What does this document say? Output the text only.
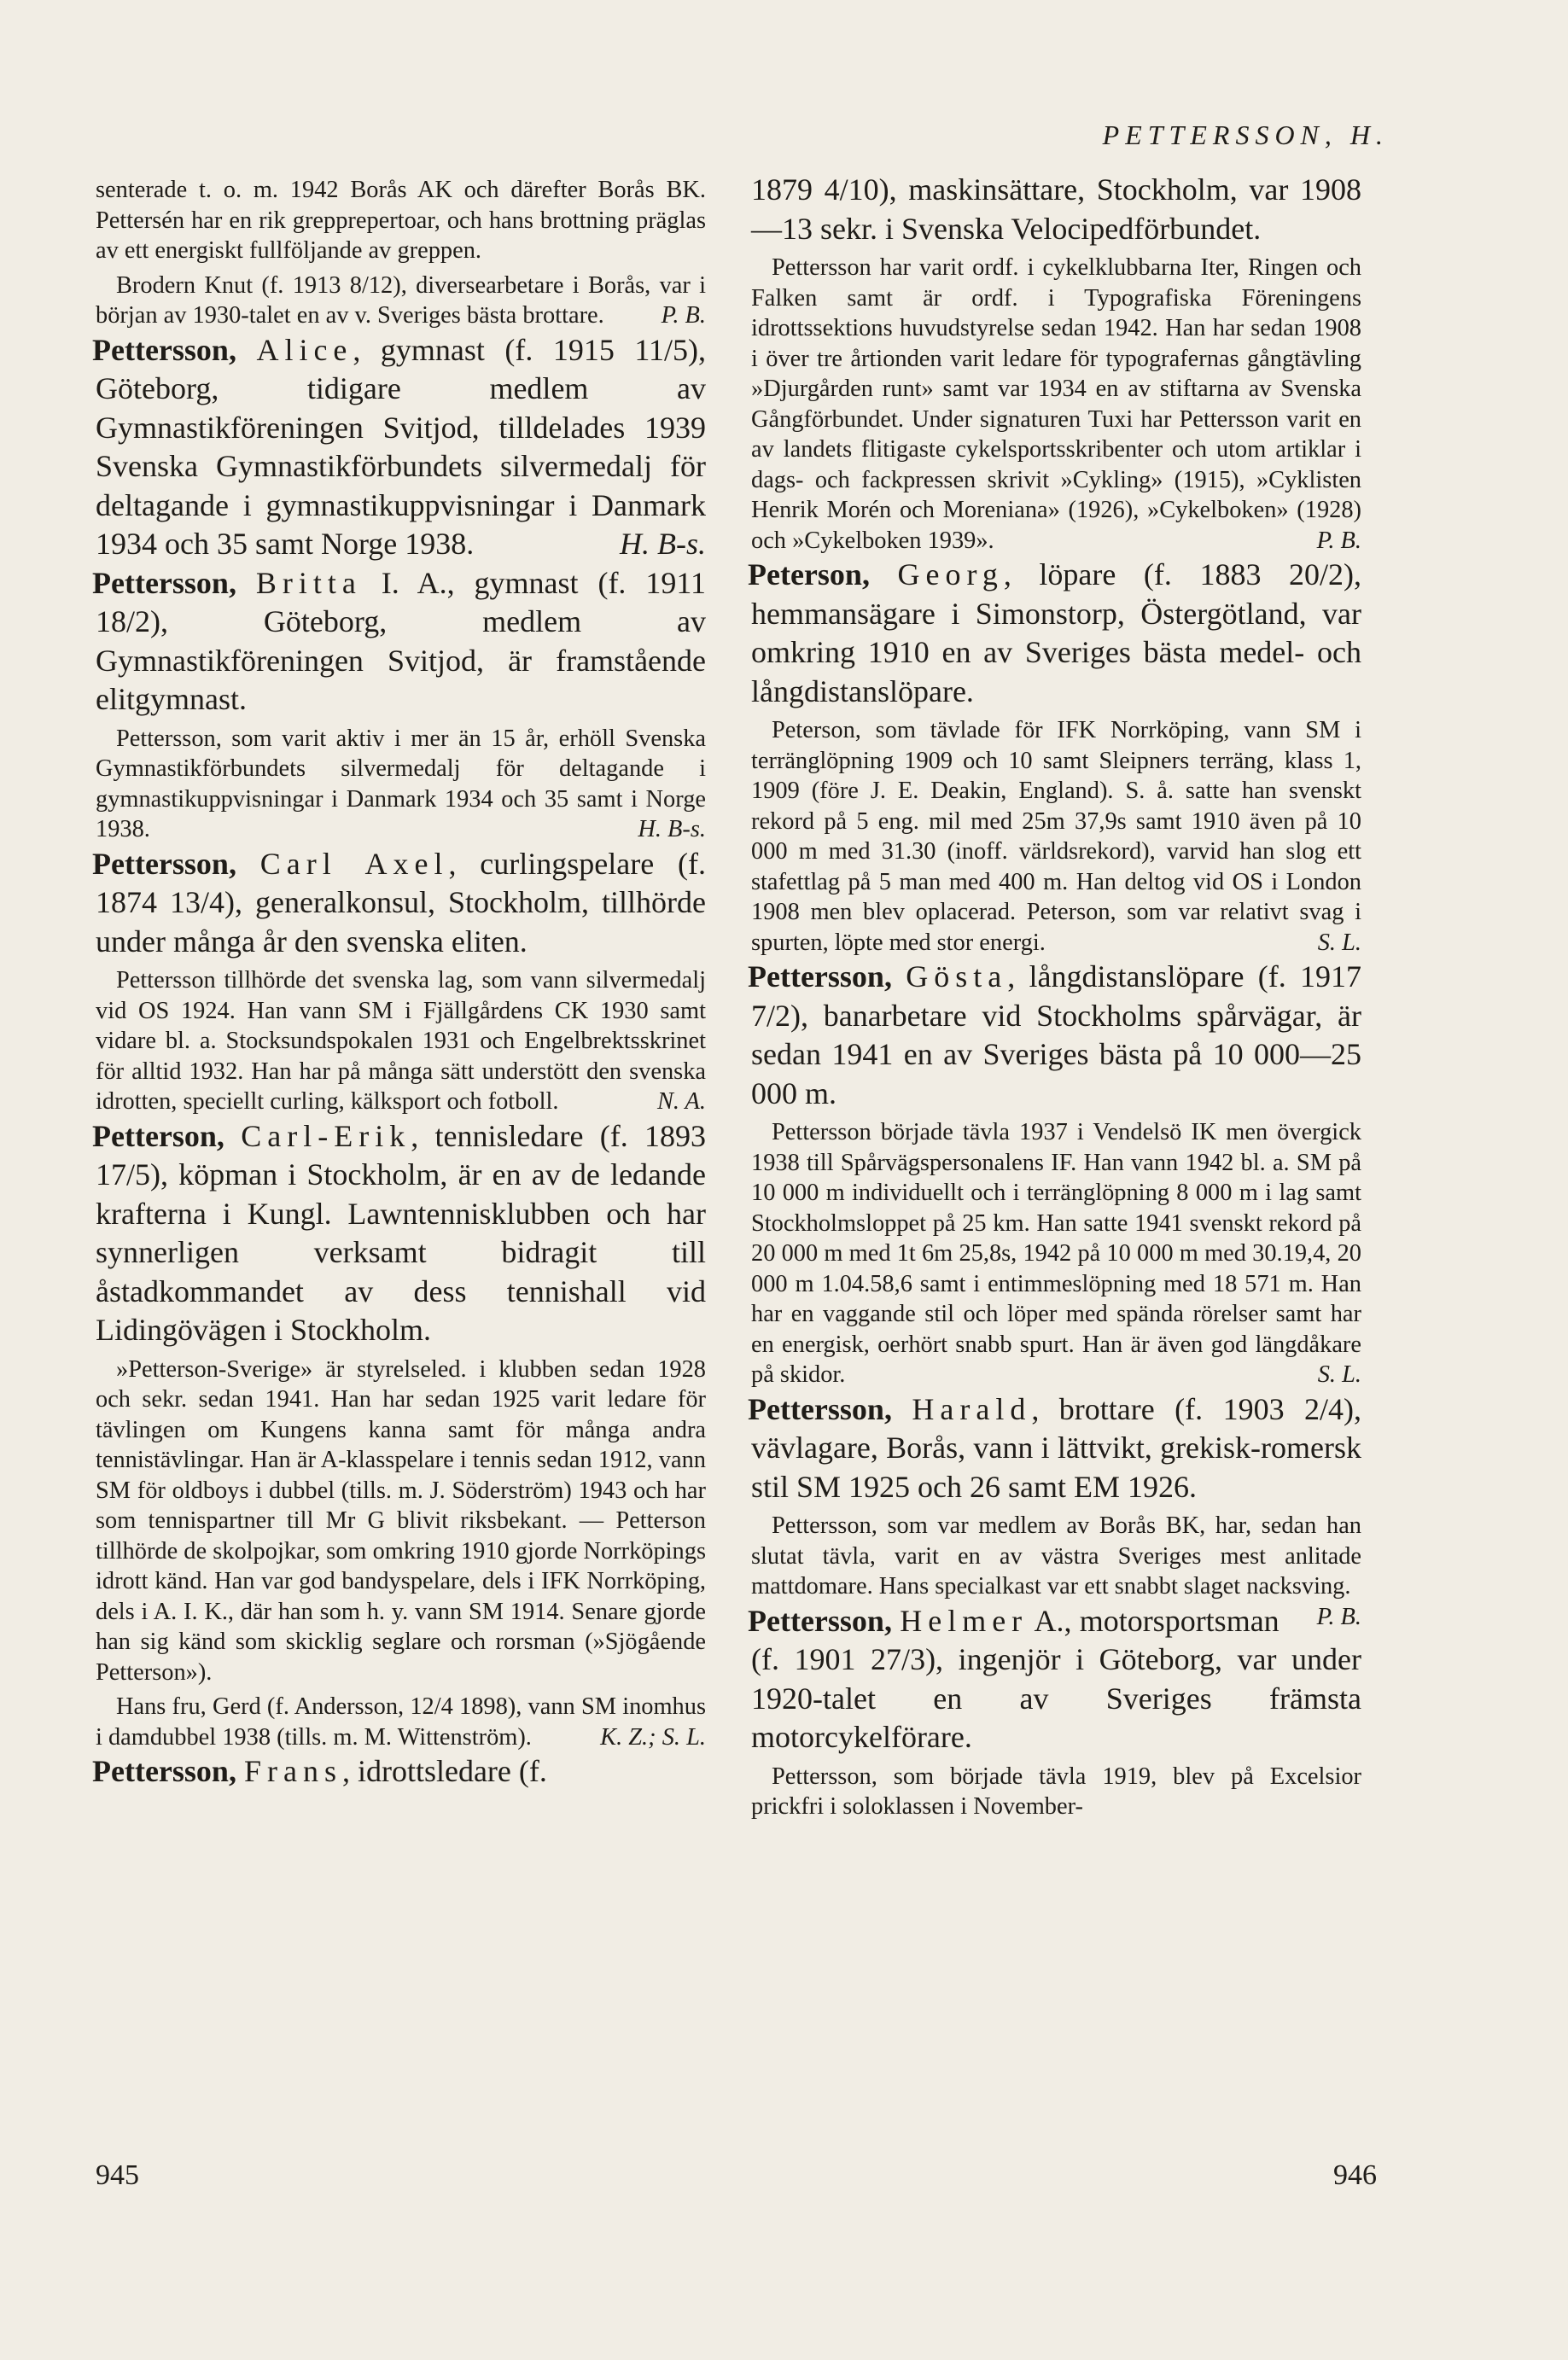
PETTERSSON, H.

senterade t. o. m. 1942 Borås AK och därefter Borås BK. Pettersén har en rik grepprepertoar, och hans brottning präglas av ett energiskt fullföljande av greppen.

Brodern Knut (f. 1913 8/12), diversearbetare i Borås, var i början av 1930-talet en av v. Sveriges bästa brottare.	P. B.

Pettersson, Alice, gymnast (f. 1915 11/5), Göteborg, tidigare medlem av Gymnastikföreningen Svitjod, tilldelades 1939 Svenska Gymnastikförbundets silvermedalj för deltagande i gymnastikuppvisningar i Danmark 1934 och 35 samt Norge 1938.	H. B-s.

Pettersson, Britta I. A., gymnast (f. 1911 18/2), Göteborg, medlem av Gymnastikföreningen Svitjod, är framstående elitgymnast.

Pettersson, som varit aktiv i mer än 15 år, erhöll Svenska Gymnastikförbundets silvermedalj för deltagande i gymnastikuppvisningar i Danmark 1934 och 35 samt i Norge 1938.	H. B-s.

Pettersson, Carl Axel, curlingspelare (f. 1874 13/4), generalkonsul, Stockholm, tillhörde under många år den svenska eliten.

Pettersson tillhörde det svenska lag, som vann silvermedalj vid OS 1924. Han vann SM i Fjällgårdens CK 1930 samt vidare bl. a. Stocksundspokalen 1931 och Engelbrektsskrinet för alltid 1932. Han har på många sätt understött den svenska idrotten, speciellt curling, kälksport och fotboll.	N. A.

Petterson, Carl-Erik, tennisledare (f. 1893 17/5), köpman i Stockholm, är en av de ledande krafterna i Kungl. Lawntennisklubben och har synnerligen verksamt bidragit till åstadkommandet av dess tennishall vid Lidingövägen i Stockholm.

»Petterson-Sverige» är styrelseled. i klubben sedan 1928 och sekr. sedan 1941. Han har sedan 1925 varit ledare för tävlingen om Kungens kanna samt för många andra tennistävlingar. Han är A-klasspelare i tennis sedan 1912, vann SM för oldboys i dubbel (tills. m. J. Söderström) 1943 och har som tennispartner till Mr G blivit riksbekant. — Petterson tillhörde de skolpojkar, som omkring 1910 gjorde Norrköpings idrott känd. Han var god bandyspelare, dels i IFK Norrköping, dels i A. I. K., där han som h. y. vann SM 1914. Senare gjorde han sig känd som skicklig seglare och rorsman (»Sjögående Petterson»).

Hans fru, Gerd (f. Andersson, 12/4 1898), vann SM inomhus i damdubbel 1938 (tills. m. M. Wittenström).	K. Z.; S. L.

Pettersson, Frans, idrottsledare (f.

1879 4/10), maskinsättare, Stockholm, var 1908—13 sekr. i Svenska Velocipedförbundet.

Pettersson har varit ordf. i cykelklubbarna Iter, Ringen och Falken samt är ordf. i Typografiska Föreningens idrottssektions huvudstyrelse sedan 1942. Han har sedan 1908 i över tre årtionden varit ledare för typografernas gångtävling »Djurgården runt» samt var 1934 en av stiftarna av Svenska Gångförbundet. Under signaturen Tuxi har Pettersson varit en av landets flitigaste cykelsportsskribenter och utom artiklar i dags- och fackpressen skrivit »Cykling» (1915), »Cyklisten Henrik Morén och Moreniana» (1926), »Cykelboken» (1928) och »Cykelboken 1939».	P. B.

Peterson, Georg, löpare (f. 1883 20/2), hemmansägare i Simonstorp, Östergötland, var omkring 1910 en av Sveriges bästa medel- och långdistanslöpare.

Peterson, som tävlade för IFK Norrköping, vann SM i terränglöpning 1909 och 10 samt Sleipners terräng, klass 1, 1909 (före J. E. Deakin, England). S. å. satte han svenskt rekord på 5 eng. mil med 25m 37,9s samt 1910 även på 10 000 m med 31.30 (inoff. världsrekord), varvid han slog ett stafettlag på 5 man med 400 m. Han deltog vid OS i London 1908 men blev oplacerad. Peterson, som var relativt svag i spurten, löpte med stor energi.	S. L.

Pettersson, Gösta, långdistanslöpare (f. 1917 7/2), banarbetare vid Stockholms spårvägar, är sedan 1941 en av Sveriges bästa på 10 000—25 000 m.

Pettersson började tävla 1937 i Vendelsö IK men övergick 1938 till Spårvägspersonalens IF. Han vann 1942 bl. a. SM på 10 000 m individuellt och i terränglöpning 8 000 m i lag samt Stockholmsloppet på 25 km. Han satte 1941 svenskt rekord på 20 000 m med 1t 6m 25,8s, 1942 på 10 000 m med 30.19,4, 20 000 m 1.04.58,6 samt i entimmeslöpning med 18 571 m. Han har en vaggande stil och löper med spända rörelser samt har en energisk, oerhört snabb spurt. Han är även god längdåkare på skidor.	S. L.

Pettersson, Harald, brottare (f. 1903 2/4), vävlagare, Borås, vann i lättvikt, grekisk-romersk stil SM 1925 och 26 samt EM 1926.

Pettersson, som var medlem av Borås BK, har, sedan han slutat tävla, varit en av västra Sveriges mest anlitade mattdomare. Hans specialkast var ett snabbt slaget nacksving.
P. B.

Pettersson, Helmer A., motorsportsman (f. 1901 27/3), ingenjör i Göteborg, var under 1920-talet en av Sveriges främsta motorcykelförare.

Pettersson, som började tävla 1919, blev på Excelsior prickfri i soloklassen i November-

945	946
